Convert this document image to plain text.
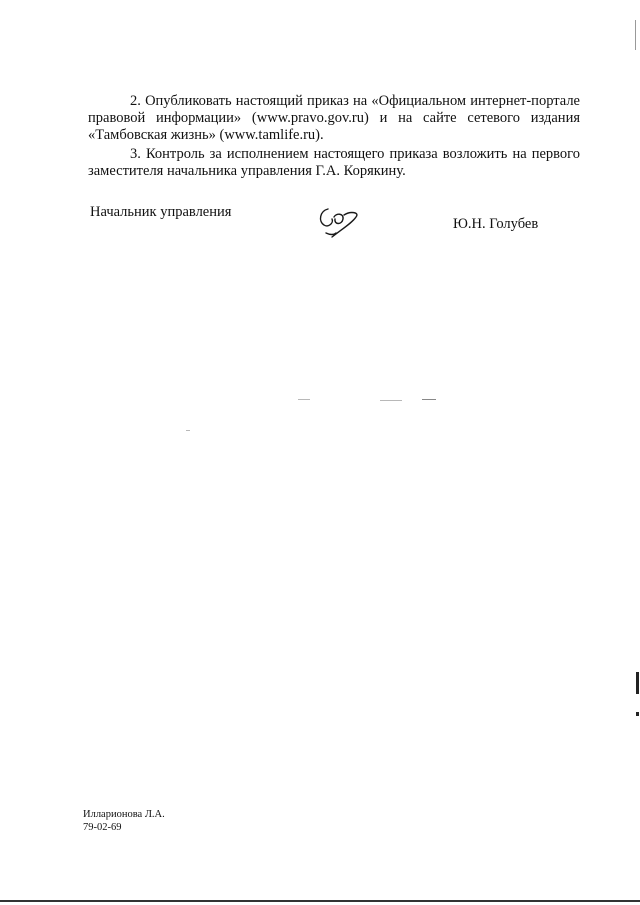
2. Опубликовать настоящий приказ на «Официальном интернет-портале правовой информации» (www.pravo.gov.ru) и на сайте сетевого издания «Тамбовская жизнь» (www.tamlife.ru).
3. Контроль за исполнением настоящего приказа возложить на первого заместителя начальника управления Г.А. Корякину.
Начальник управления
Ю.Н. Голубев
Илларионова Л.А.
79-02-69
